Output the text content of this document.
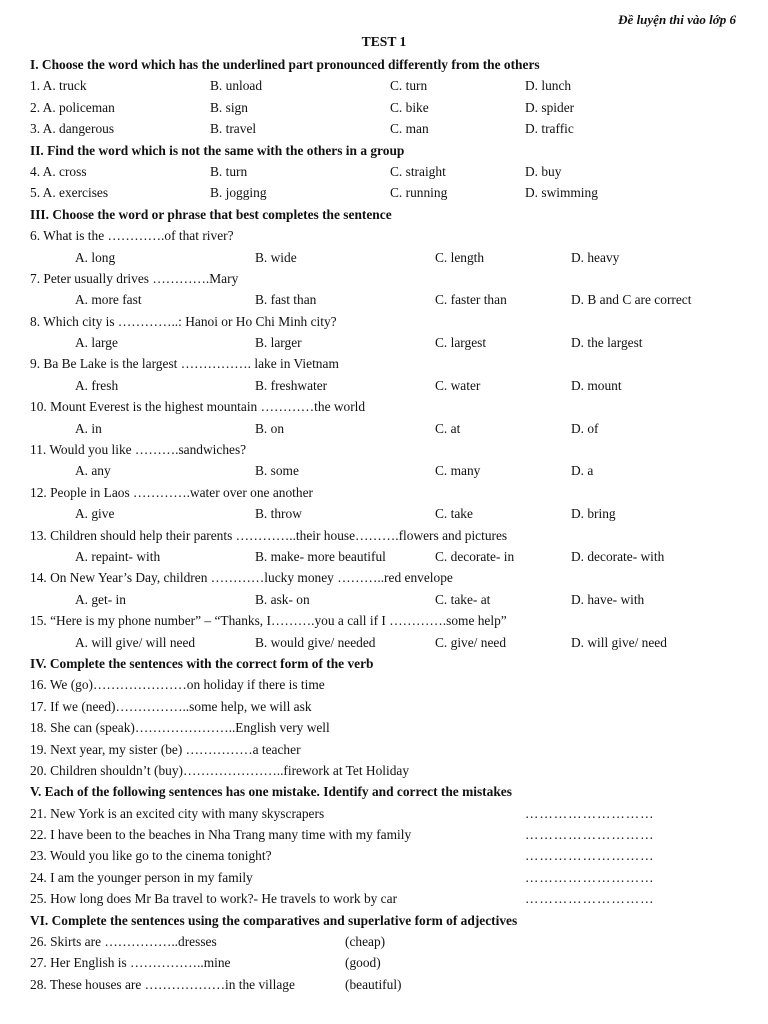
Đề luyện thi vào lớp 6
TEST 1
I. Choose the word which has the underlined part pronounced differently from the others
1. A. truck	B. unload	C. turn	D. lunch
2. A. policeman	B. sign	C. bike	D. spider
3. A. dangerous	B. travel	C. man	D. traffic
II. Find the word which is not the same with the others in a group
4. A. cross	B. turn	C. straight	D. buy
5. A. exercises	B. jogging	C. running	D. swimming
III. Choose the word or phrase that best completes the sentence
6. What is the ………….of that river?
A. long	B. wide	C. length	D. heavy
7. Peter usually drives ………….Mary
A. more fast	B. fast than	C. faster than	D. B and C are correct
8. Which city is …………..: Hanoi or Ho Chi Minh city?
A. large	B. larger	C. largest	D. the largest
9. Ba Be Lake is the largest ……………. lake in Vietnam
A. fresh	B. freshwater	C. water	D. mount
10. Mount Everest is the highest mountain …………the world
A. in	B. on	C. at	D. of
11. Would you like ……….sandwiches?
A. any	B. some	C. many	D. a
12. People in Laos ………….water over one another
A. give	B. throw	C. take	D. bring
13. Children should help their parents …………..their house……….flowers and pictures
A. repaint- with	B. make- more beautiful	C. decorate- in	D. decorate- with
14. On New Year’s Day, children …………lucky money ………..red envelope
A. get- in	B. ask- on	C. take- at	D. have- with
15. “Here is my phone number” – “Thanks, I……….you a call if I ………….some help”
A. will give/ will need	B. would give/ needed	C. give/ need	D. will give/ need
IV. Complete the sentences with the correct form of the verb
16. We (go)…………………on holiday if there is time
17. If we (need)……………..some help, we will ask
18. She can (speak)…………………..English very well
19. Next year, my sister (be) ……………a teacher
20. Children shouldn’t (buy)…………………..firework at Tet Holiday
V. Each of the following sentences has one mistake. Identify and correct the mistakes
21. New York is an excited city with many skyscrapers	………………………
22. I have been to the beaches in Nha Trang many time with my family	………………………
23. Would you like go to the cinema tonight?	………………………
24. I am the younger person in my family	………………………
25. How long does Mr Ba travel to work?- He travels to work by car	………………………
VI. Complete the sentences using the comparatives and superlative form of adjectives
26. Skirts are ……………..dresses	(cheap)
27. Her English is ……………..mine	(good)
28. These houses are ………………in the village	(beautiful)
